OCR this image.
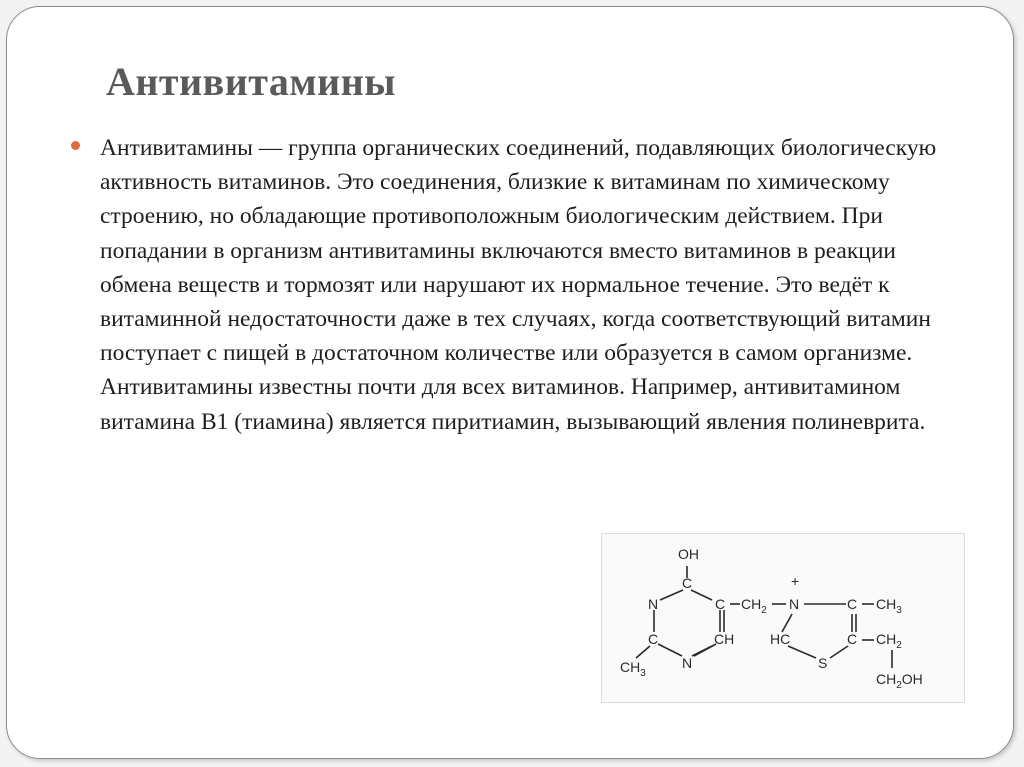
Антивитамины

Антивитамины — группа органических соединений, подавляющих биологическую активность витаминов. Это соединения, близкие к витаминам по химическому строению, но обладающие противоположным биологическим действием. При попадании в организм антивитамины включаются вместо витаминов в реакции обмена веществ и тормозят или нарушают их нормальное течение. Это ведёт к витаминной недостаточности даже в тех случаях, когда соответствующий витамин поступает с пищей в достаточном количестве или образуется в самом организме. Антивитамины известны почти для всех витаминов. Например, антивитамином витамина В1 (тиамина) является пиритиамин, вызывающий явления полиневрита.

OH
C
N	C $CH_2$ N
+
C $CH_3$
C	CH
N
$CH_3$
HC
S
C $CH_2$
$CH_2OH$
